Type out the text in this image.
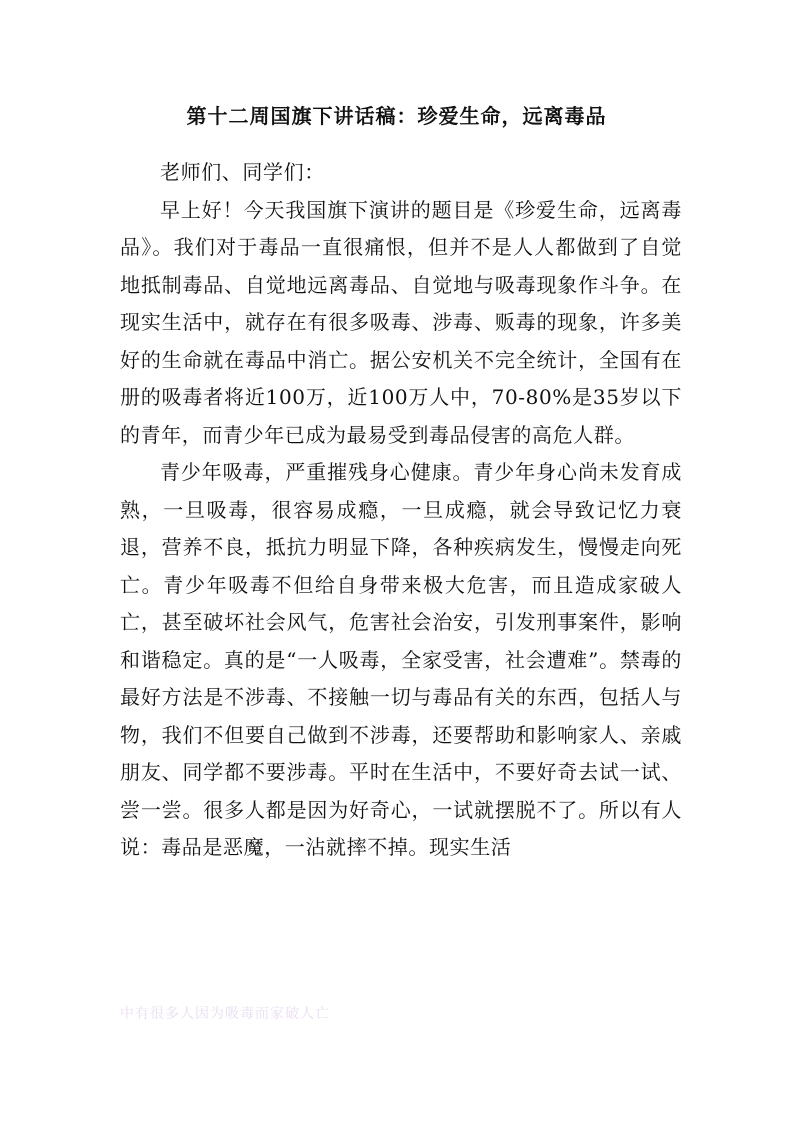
第十二周国旗下讲话稿：珍爱生命，远离毒品

老师们、同学们：

早上好！今天我国旗下演讲的题目是《珍爱生命，远离毒品》。我们对于毒品一直很痛恨，但并不是人人都做到了自觉地抵制毒品、自觉地远离毒品、自觉地与吸毒现象作斗争。在现实生活中，就存在有很多吸毒、涉毒、贩毒的现象，许多美好的生命就在毒品中消亡。据公安机关不完全统计，全国有在册的吸毒者将近100万，近100万人中，70-80%是35岁以下的青年，而青少年已成为最易受到毒品侵害的高危人群。

青少年吸毒，严重摧残身心健康。青少年身心尚未发育成熟，一旦吸毒，很容易成瘾，一旦成瘾，就会导致记忆力衰退，营养不良，抵抗力明显下降，各种疾病发生，慢慢走向死亡。青少年吸毒不但给自身带来极大危害，而且造成家破人亡，甚至破坏社会风气，危害社会治安，引发刑事案件，影响和谐稳定。真的是“一人吸毒，全家受害，社会遭难”。禁毒的最好方法是不涉毒、不接触一切与毒品有关的东西，包括人与物，我们不但要自己做到不涉毒，还要帮助和影响家人、亲戚朋友、同学都不要涉毒。平时在生活中，不要好奇去试一试、尝一尝。很多人都是因为好奇心，一试就摆脱不了。所以有人说：毒品是恶魔，一沾就摔不掉。现实生活

中有很多人因为吸毒而家破人亡
